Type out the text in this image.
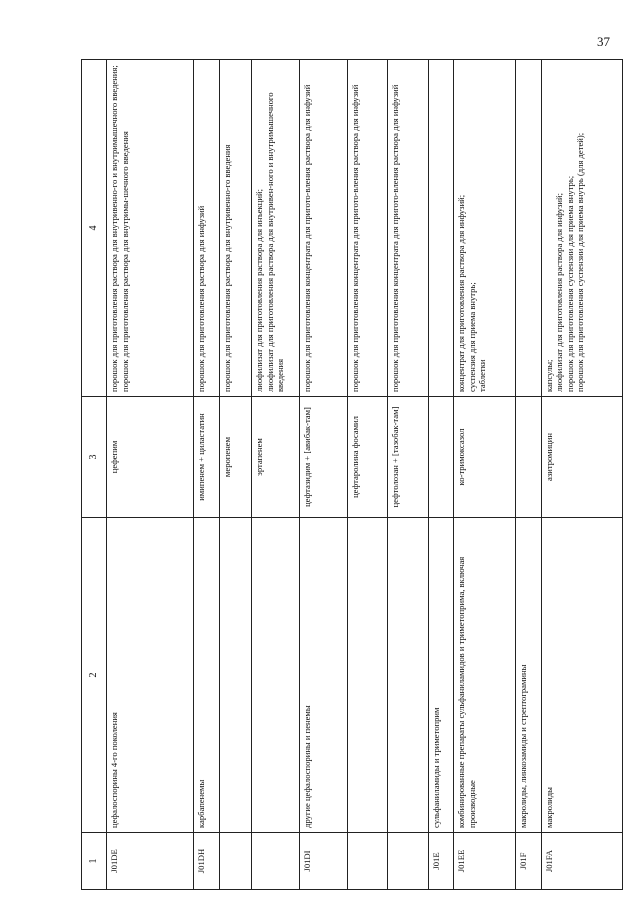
37
1	2	3	4
J01DE	цефалоспорины 4-го поколения	цефепим	порошок для приготовления раствора для внутривенно-го и внутримышечного введения; порошок для приготовления раствора для внутримы-шечного введения

J01DH	карбапенемы	имипенем + циластатин	порошок для приготовления раствора для инфузий

		меропенем	порошок для приготовления раствора для внутривенно-го введения

		эртапенем	лиофилизат для приготовления раствора для инъекций; лиофилизат для приготовления раствора для внутривен-ного и внутримышечного введения

J01DI	другие цефалоспорины и пенемы	цефтазидим + [авибак-там]	порошок для приготовления концентрата для пригото-вления раствора для инфузий

		цефтаролина фосамил	порошок для приготовления концентрата для пригото-вления раствора для инфузий

		цефтолозан + [тазобак-там]	порошок для приготовления концентрата для пригото-вления раствора для инфузий

J01E	сульфаниламиды и триметоприм		
J01EE	комбинированные препараты сульфаниламидов и триметоприма, включая производные	ко-тримоксазол	концентрат для приготовления раствора для инфузий; суспензия для приема внутрь; таблетки

J01F	макролиды, линкозамиды и стрептограмины		
J01FA	макролиды	азитромицин	капсулы; лиофилизат для приготовления раствора для инфузий; порошок для приготовления суспензии для приема внутрь; порошок для приготовления суспензии для приема внутрь (для детей);
